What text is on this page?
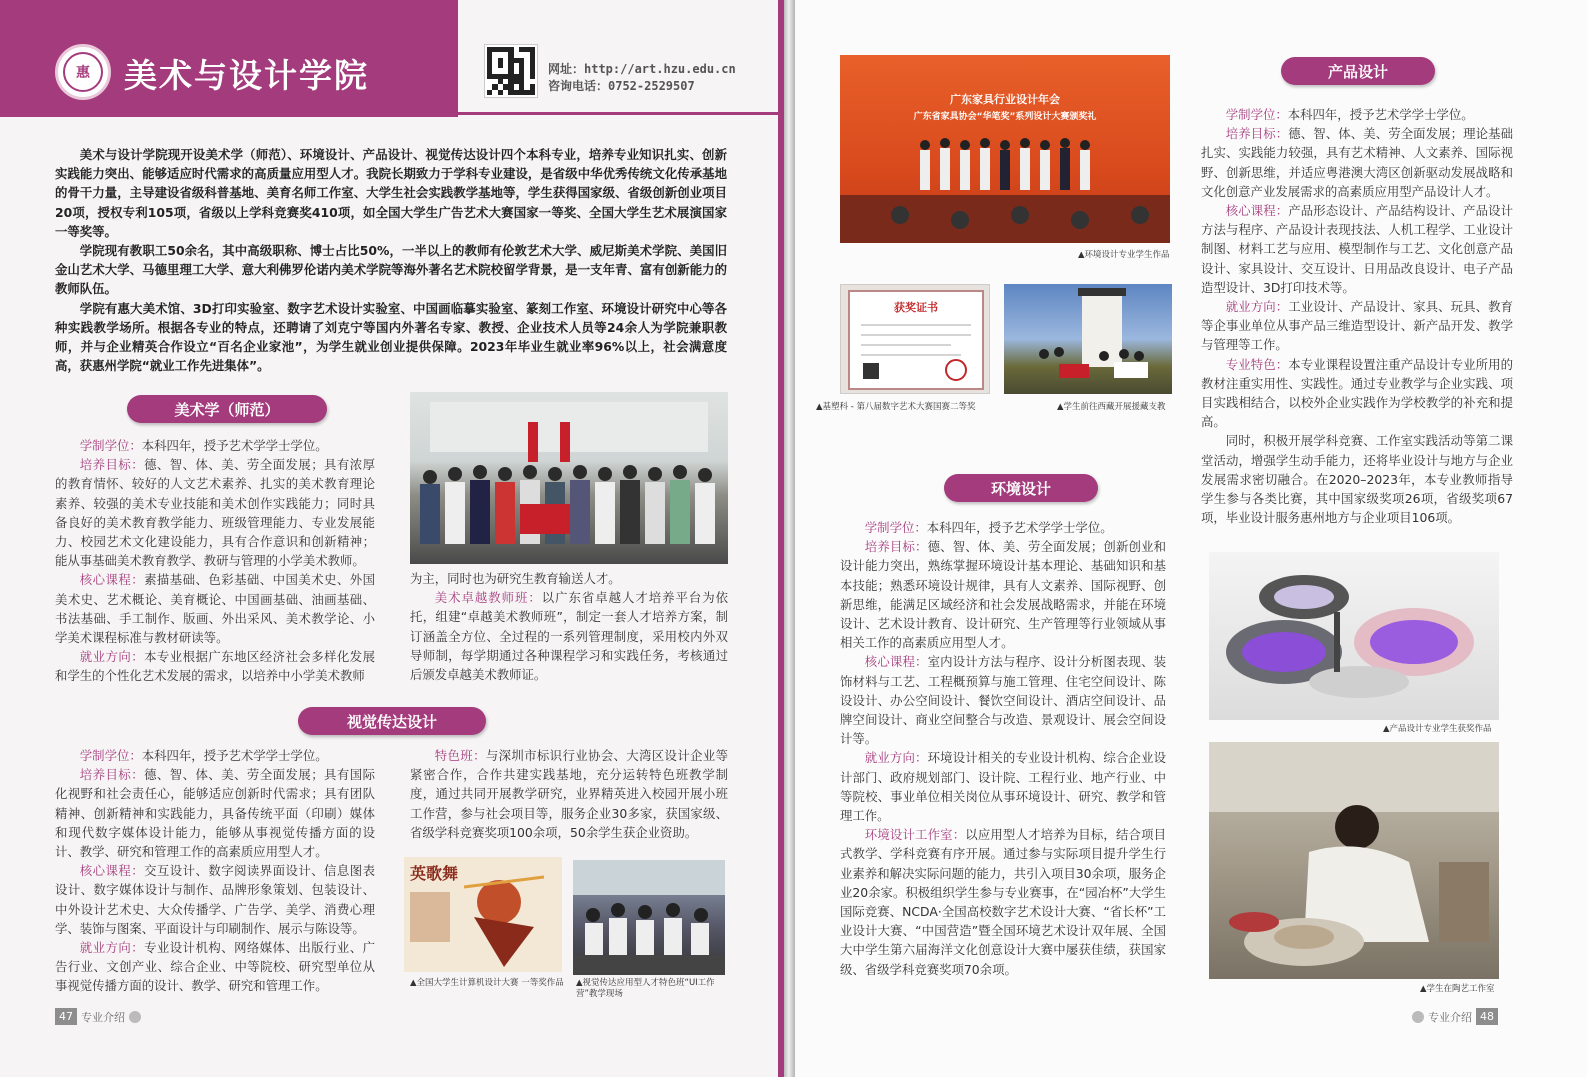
惠	美术与设计学院	网址：http://art.hzu.edu.cn
咨询电话：0752-2529507

美术与设计学院现开设美术学（师范）、环境设计、产品设计、视觉传达设计四个本科专业，培养专业知识扎实、创新实践能力突出、能够适应时代需求的高质量应用型人才。我院长期致力于学科专业建设，是省级中华优秀传统文化传承基地的骨干力量，主导建设省级科普基地、美育名师工作室、大学生社会实践教学基地等，学生获得国家级、省级创新创业项目20项，授权专利105项，省级以上学科竞赛奖410项，如全国大学生广告艺术大赛国家一等奖、全国大学生艺术展演国家一等奖等。

学院现有教职工50余名，其中高级职称、博士占比50%，一半以上的教师有伦敦艺术大学、威尼斯美术学院、美国旧金山艺术大学、马德里理工大学、意大利佛罗伦诺内美术学院等海外著名艺术院校留学背景，是一支年青、富有创新能力的教师队伍。

学院有惠大美术馆、3D打印实验室、数字艺术设计实验室、中国画临摹实验室、篆刻工作室、环境设计研究中心等各种实践教学场所。根据各专业的特点，还聘请了刘克宁等国内外著名专家、教授、企业技术人员等24余人为学院兼职教师，并与企业精英合作设立“百名企业家池”，为学生就业创业提供保障。2023年毕业生就业率96%以上，社会满意度高，获惠州学院“就业工作先进集体”。

美术学（师范）

学制学位：本科四年，授予艺术学学士学位。

培养目标：德、智、体、美、劳全面发展；具有浓厚的教育情怀、较好的人文艺术素养、扎实的美术教育理论素养、较强的美术专业技能和美术创作实践能力；同时具备良好的美术教育教学能力、班级管理能力、专业发展能力、校园艺术文化建设能力，具有合作意识和创新精神；能从事基础美术教育教学、教研与管理的小学美术教师。

核心课程：素描基础、色彩基础、中国美术史、外国美术史、艺术概论、美育概论、中国画基础、油画基础、书法基础、手工制作、版画、外出采风、美术教学论、小学美术课程标准与教材研读等。

就业方向：本专业根据广东地区经济社会多样化发展和学生的个性化艺术发展的需求，以培养中小学美术教师

为主，同时也为研究生教育输送人才。

美术卓越教师班：以广东省卓越人才培养平台为依托，组建“卓越美术教师班”，制定一套人才培养方案，制订涵盖全方位、全过程的一系列管理制度，采用校内外双导师制，每学期通过各种课程学习和实践任务，考核通过后颁发卓越美术教师证。

视觉传达设计

学制学位：本科四年，授予艺术学学士学位。

培养目标：德、智、体、美、劳全面发展；具有国际化视野和社会责任心，能够适应创新时代需求；具有团队精神、创新精神和实践能力，具备传统平面（印刷）媒体和现代数字媒体设计能力，能够从事视觉传播方面的设计、教学、研究和管理工作的高素质应用型人才。

核心课程：交互设计、数字阅读界面设计、信息图表设计、数字媒体设计与制作、品牌形象策划、包装设计、中外设计艺术史、大众传播学、广告学、美学、消费心理学、装饰与图案、平面设计与印刷制作、展示与陈设等。

就业方向：专业设计机构、网络媒体、出版行业、广告行业、文创产业、综合企业、中等院校、研究型单位从事视觉传播方面的设计、教学、研究和管理工作。

特色班：与深圳市标识行业协会、大湾区设计企业等紧密合作，合作共建实践基地，充分运转特色班教学制度，通过共同开展教学研究，业界精英进入校园开展小班工作营，参与社会项目等，服务企业30多家，获国家级、省级学科竞赛奖项100余项，50余学生获企业资助。

英歌舞
▲全国大学生计算机设计大赛 一等奖作品 ▲视觉传达应用型人才特色班“UI工作营”教学现场
47 专业介绍
广东家具行业设计年会
广东省家具协会“华笔奖”系列设计大赛颁奖礼
▲环境设计专业学生作品
获奖证书
▲基塑科 - 第八届数字艺术大赛国赛二等奖	▲学生前往西藏开展援藏支教
环境设计

学制学位：本科四年，授予艺术学学士学位。

培养目标：德、智、体、美、劳全面发展；创新创业和设计能力突出，熟练掌握环境设计基本理论、基础知识和基本技能；熟悉环境设计规律，具有人文素养、国际视野、创新思维，能满足区域经济和社会发展战略需求，并能在环境设计、艺术设计教育、设计研究、生产管理等行业领域从事相关工作的高素质应用型人才。

核心课程：室内设计方法与程序、设计分析图表现、装饰材料与工艺、工程概预算与施工管理、住宅空间设计、陈设设计、办公空间设计、餐饮空间设计、酒店空间设计、品牌空间设计、商业空间整合与改造、景观设计、展会空间设计等。

就业方向：环境设计相关的专业设计机构、综合企业设计部门、政府规划部门、设计院、工程行业、地产行业、中等院校、事业单位相关岗位从事环境设计、研究、教学和管理工作。

环境设计工作室：以应用型人才培养为目标，结合项目式教学、学科竞赛有序开展。通过参与实际项目提升学生行业素养和解决实际问题的能力，共引入项目30余项，服务企业20余家。积极组织学生参与专业赛事，在“园冶杯”大学生国际竞赛、NCDA·全国高校数字艺术设计大赛、“省长杯”工业设计大赛、“中国营造”暨全国环境艺术设计双年展、全国大中学生第六届海洋文化创意设计大赛中屡获佳绩，获国家级、省级学科竞赛奖项70余项。

产品设计

学制学位：本科四年，授予艺术学学士学位。

培养目标：德、智、体、美、劳全面发展；理论基础扎实、实践能力较强，具有艺术精神、人文素养、国际视野、创新思维，并适应粤港澳大湾区创新驱动发展战略和文化创意产业发展需求的高素质应用型产品设计人才。

核心课程：产品形态设计、产品结构设计、产品设计方法与程序、产品设计表现技法、人机工程学、工业设计制图、材料工艺与应用、模型制作与工艺、文化创意产品设计、家具设计、交互设计、日用品改良设计、电子产品造型设计、3D打印技术等。

就业方向：工业设计、产品设计、家具、玩具、教育等企事业单位从事产品三维造型设计、新产品开发、教学与管理等工作。

专业特色：本专业课程设置注重产品设计专业所用的教材注重实用性、实践性。通过专业教学与企业实践、项目实践相结合，以校外企业实践作为学校教学的补充和提高。

同时，积极开展学科竞赛、工作室实践活动等第二课堂活动，增强学生动手能力，还将毕业设计与地方与企业发展需求密切融合。在2020–2023年，本专业教师指导学生参与各类比赛，其中国家级奖项26项，省级奖项67项，毕业设计服务惠州地方与企业项目106项。

▲产品设计专业学生获奖作品
▲学生在陶艺工作室
专业介绍 48
